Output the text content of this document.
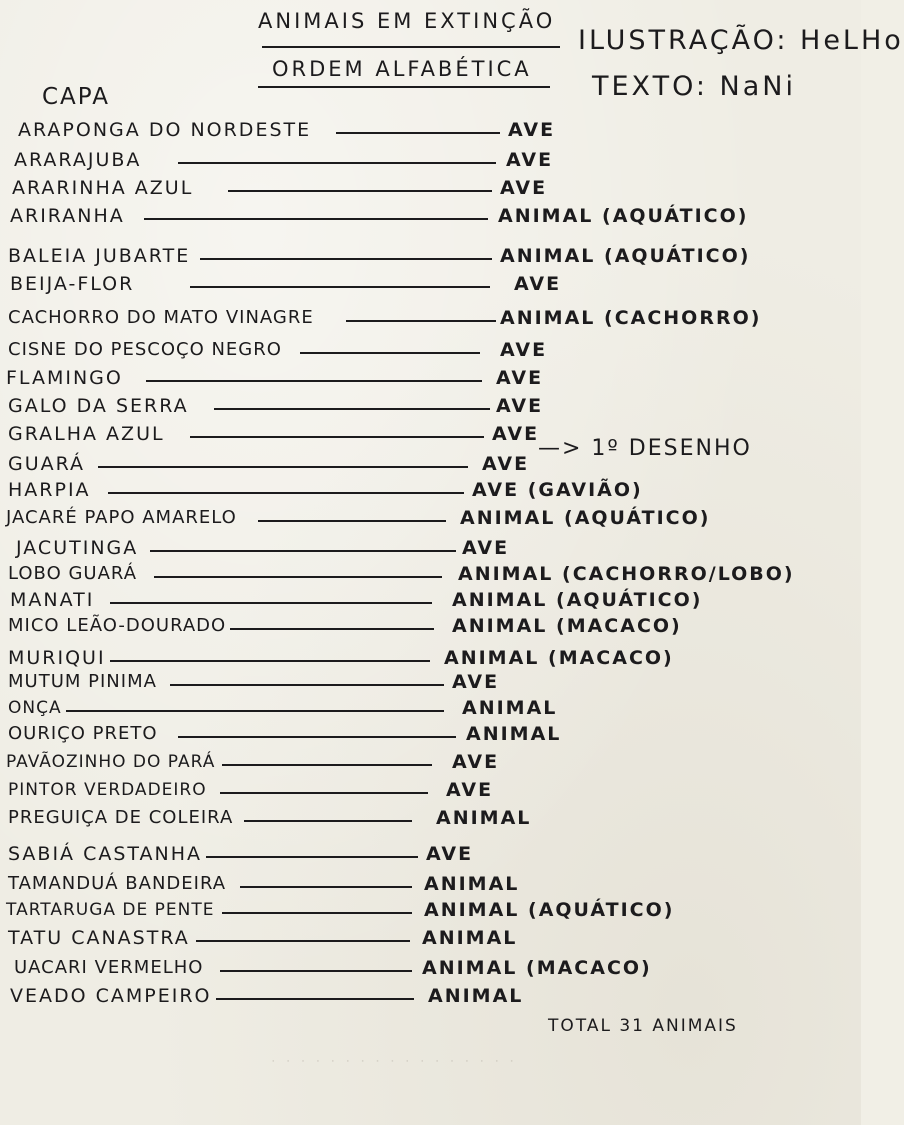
ANIMAIS EM EXTINÇÃO
ORDEM ALFABÉTICA
ILUSTRAÇÃO: HeLHo
TEXTO: NaNi
CAPA
ARAPONGA DO NORDESTE	AVE
ARARAJUBA	AVE
ARARINHA AZUL	AVE
ARIRANHA	ANIMAL (AQUÁTICO)
BALEIA JUBARTE	ANIMAL (AQUÁTICO)
BEIJA-FLOR	AVE
CACHORRO DO MATO VINAGRE	ANIMAL (CACHORRO)
CISNE DO PESCOÇO NEGRO	AVE
FLAMINGO	AVE
GALO DA SERRA	AVE
GRALHA AZUL	AVE
GUARÁ	AVE
HARPIA	AVE (GAVIÃO)
JACARÉ PAPO AMARELO	ANIMAL (AQUÁTICO)
JACUTINGA	AVE
LOBO GUARÁ	ANIMAL (CACHORRO/LOBO)
MANATI	ANIMAL (AQUÁTICO)
MICO LEÃO-DOURADO	ANIMAL (MACACO)
MURIQUI	ANIMAL (MACACO)
MUTUM PINIMA	AVE
ONÇA	ANIMAL
OURIÇO PRETO	ANIMAL
PAVÃOZINHO DO PARÁ	AVE
PINTOR VERDADEIRO	AVE
PREGUIÇA DE COLEIRA	ANIMAL
SABIÁ CASTANHA	AVE
TAMANDUÁ BANDEIRA	ANIMAL
TARTARUGA DE PENTE	ANIMAL (AQUÁTICO)
TATU CANASTRA	ANIMAL
UACARI VERMELHO	ANIMAL (MACACO)
VEADO CAMPEIRO	ANIMAL
—> 1º DESENHO
TOTAL 31 ANIMAIS
· · · · · · · · · · · · · · · · ·
